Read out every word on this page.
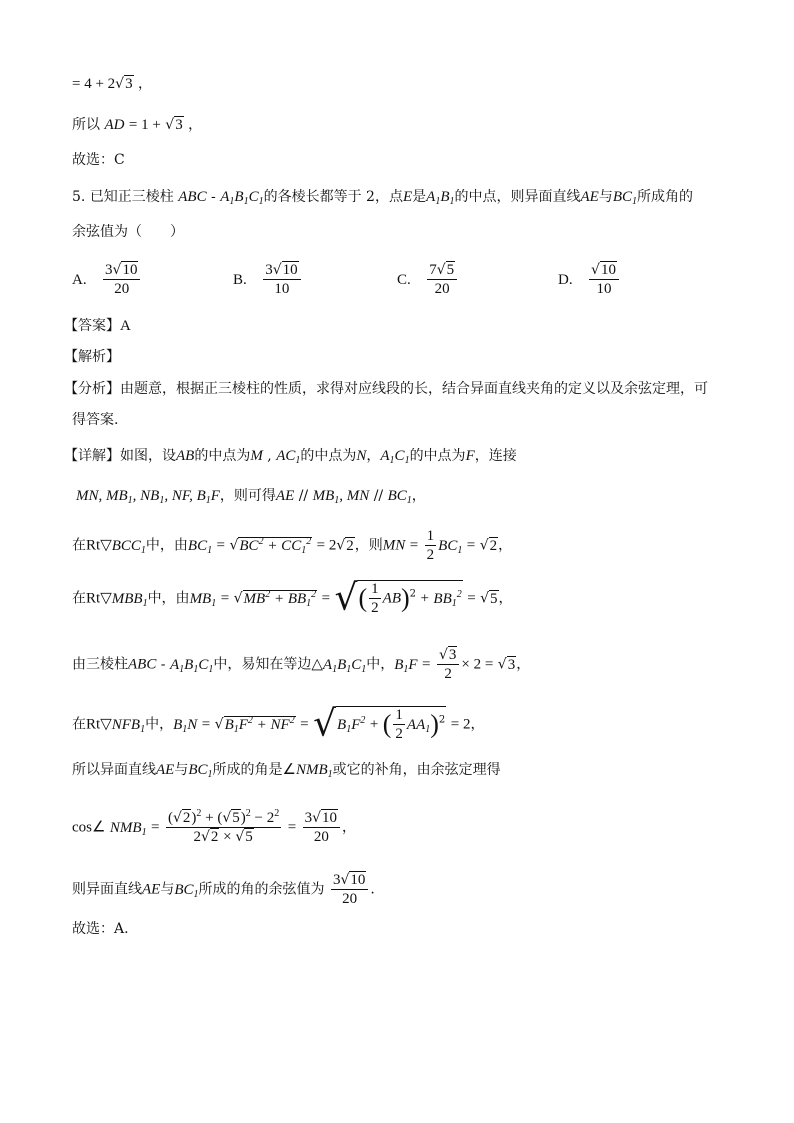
= 4 + 2√3 ，
所以 AD = 1 + √3 ，
故选：C
5. 已知正三棱柱 ABC - $A_1B_1C_1$的各棱长都等于 2，点E是$A_1B_1$的中点，则异面直线AE与$BC_1$所成角的
余弦值为（　　）
A. $\frac{3√10}{20}$	B. $\frac{3√10}{10}$	C. $\frac{7√5}{20}$	D. $\frac{√10}{10}$
【答案】A
【解析】
【分析】由题意，根据正三棱柱的性质，求得对应线段的长，结合异面直线夹角的定义以及余弦定理，可
得答案.
【详解】如图，设AB的中点为M , $AC_1$的中点为N，$A_1C_1$的中点为F，连接
MN, $MB_1$, $NB_1$, NF, $B_1F$，则可得AE // $MB_1$, MN // $BC_1$，
在$Rt▽BCC_1$中，由$BC_1 = √BC^2 + CC_1^2 = 2√2$，则MN = $\frac{1}{2} BC_1 = √2$，
在$Rt▽MBB_1$中，由$MB_1 = √MB^2 + BB_1^2$ = √( $\frac{1}{2} AB)^2 + BB_1^2 = √5$，
由三棱柱ABC - $A_1B_1C_1$中，易知在等边$\triangle A_1B_1C_1$中，$B_1F = \frac{√3}{2} \times 2 = √3$，
在$Rt▽NFB_1$中，$B_1N = √B_1F^2 + NF^2 = √B_1F^2$ + ( $\frac{1}{2} AA_1)^2 = 2$，
所以异面直线AE与$BC_1$所成的角是$\angle NMB_1$或它的补角，由余弦定理得
cos∠ $NMB_1 = \frac{(√2)^2 + (√5)^2 - 2^2}{2√2 \times √5} = \frac{3√10}{20}$ ，
则异面直线AE与$BC_1$所成的角的余弦值为 $\frac{3√10}{20}$ .
故选：A.
